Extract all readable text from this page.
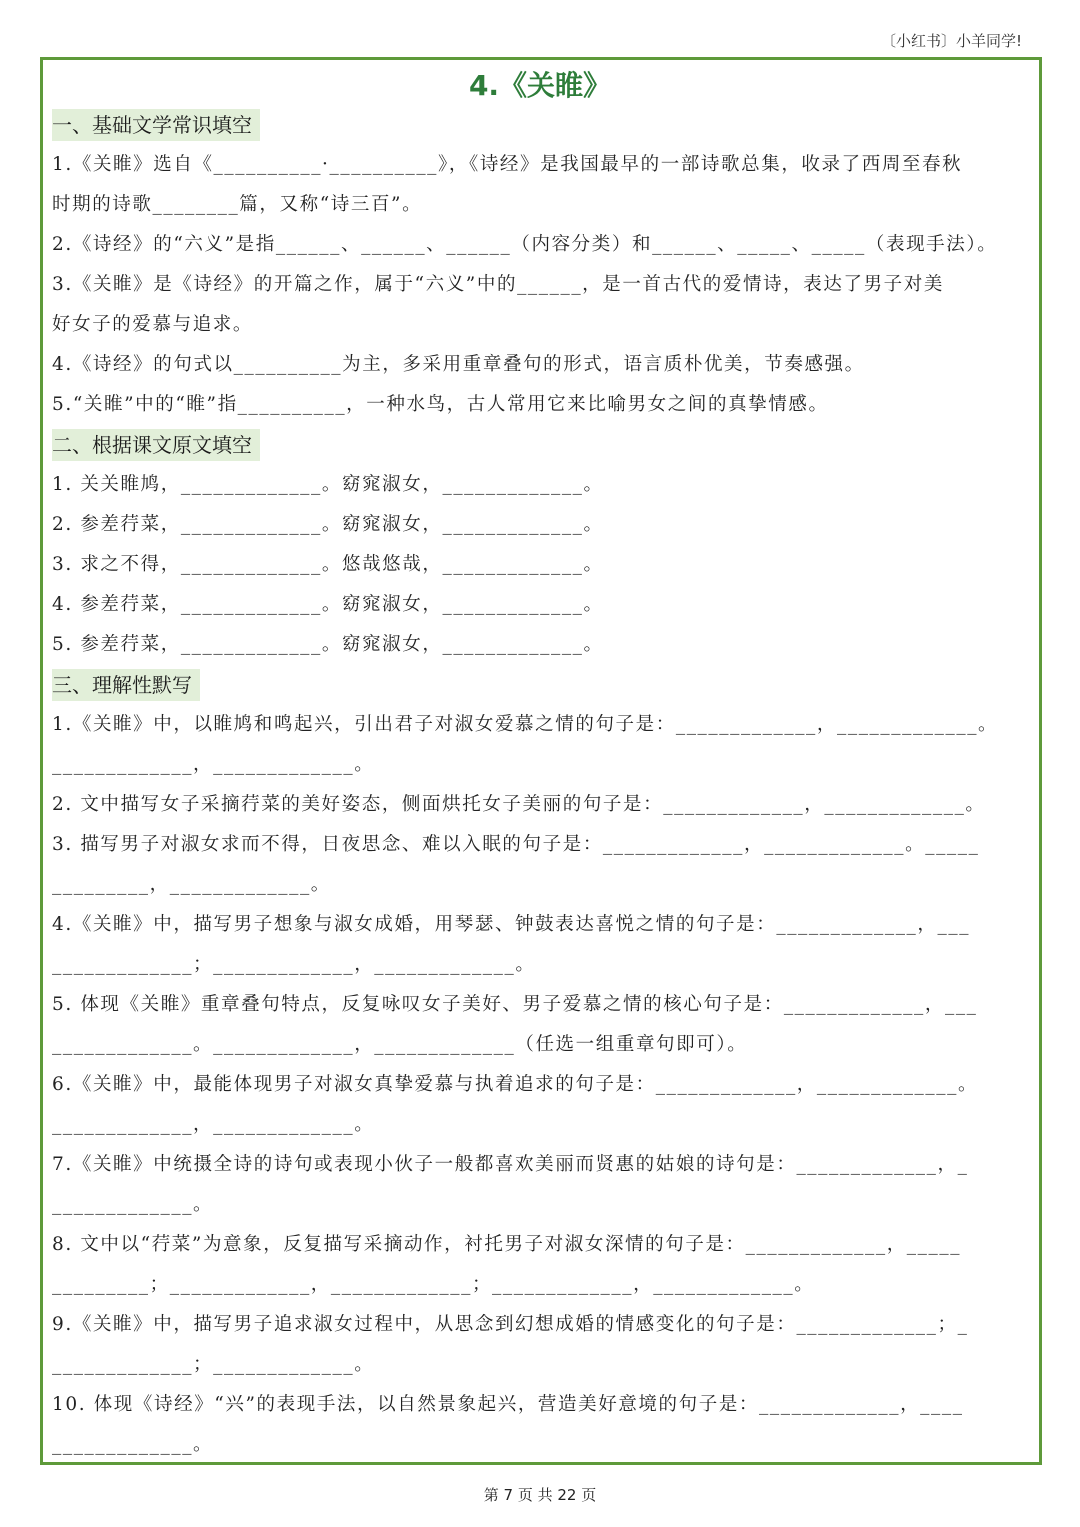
〔小红书〕小羊同学!
4.《关睢》
一、基础文学常识填空
1.《关睢》选自《__________·__________》，《诗经》是我国最早的一部诗歌总集，收录了西周至春秋
时期的诗歌________篇，又称“诗三百”。
2.《诗经》的“六义”是指______、______、______（内容分类）和______、_____、_____（表现手法）。
3.《关睢》是《诗经》的开篇之作，属于“六义”中的______，是一首古代的爱情诗，表达了男子对美
好女子的爱慕与追求。
4.《诗经》的句式以__________为主，多采用重章叠句的形式，语言质朴优美，节奏感强。
5.“关睢”中的“睢”指__________，一种水鸟，古人常用它来比喻男女之间的真挚情感。
二、根据课文原文填空
1. 关关睢鸠，_____________。窈窕淑女，_____________。
2. 参差荇菜，_____________。窈窕淑女，_____________。
3. 求之不得，_____________。悠哉悠哉，_____________。
4. 参差荇菜，_____________。窈窕淑女，_____________。
5. 参差荇菜，_____________。窈窕淑女，_____________。
三、理解性默写
1.《关睢》中，以睢鸠和鸣起兴，引出君子对淑女爱慕之情的句子是：_____________，_____________。
_____________，_____________。
2. 文中描写女子采摘荇菜的美好姿态，侧面烘托女子美丽的句子是：_____________，_____________。
3. 描写男子对淑女求而不得，日夜思念、难以入眠的句子是：_____________，_____________。_____
_________，_____________。
4.《关睢》中，描写男子想象与淑女成婚，用琴瑟、钟鼓表达喜悦之情的句子是：_____________，___
_____________；_____________，_____________。
5. 体现《关睢》重章叠句特点，反复咏叹女子美好、男子爱慕之情的核心句子是：_____________，___
_____________。_____________，_____________（任选一组重章句即可）。
6.《关睢》中，最能体现男子对淑女真挚爱慕与执着追求的句子是：_____________，_____________。
_____________，_____________。
7.《关睢》中统摄全诗的诗句或表现小伙子一般都喜欢美丽而贤惠的姑娘的诗句是：_____________，_
_____________。
8. 文中以“荇菜”为意象，反复描写采摘动作，衬托男子对淑女深情的句子是：_____________，_____
_________；_____________，_____________；_____________，_____________。
9.《关睢》中，描写男子追求淑女过程中，从思念到幻想成婚的情感变化的句子是：_____________；_
_____________；_____________。
10. 体现《诗经》“兴”的表现手法，以自然景象起兴，营造美好意境的句子是：_____________，____
_____________。
第 7 页 共 22 页
